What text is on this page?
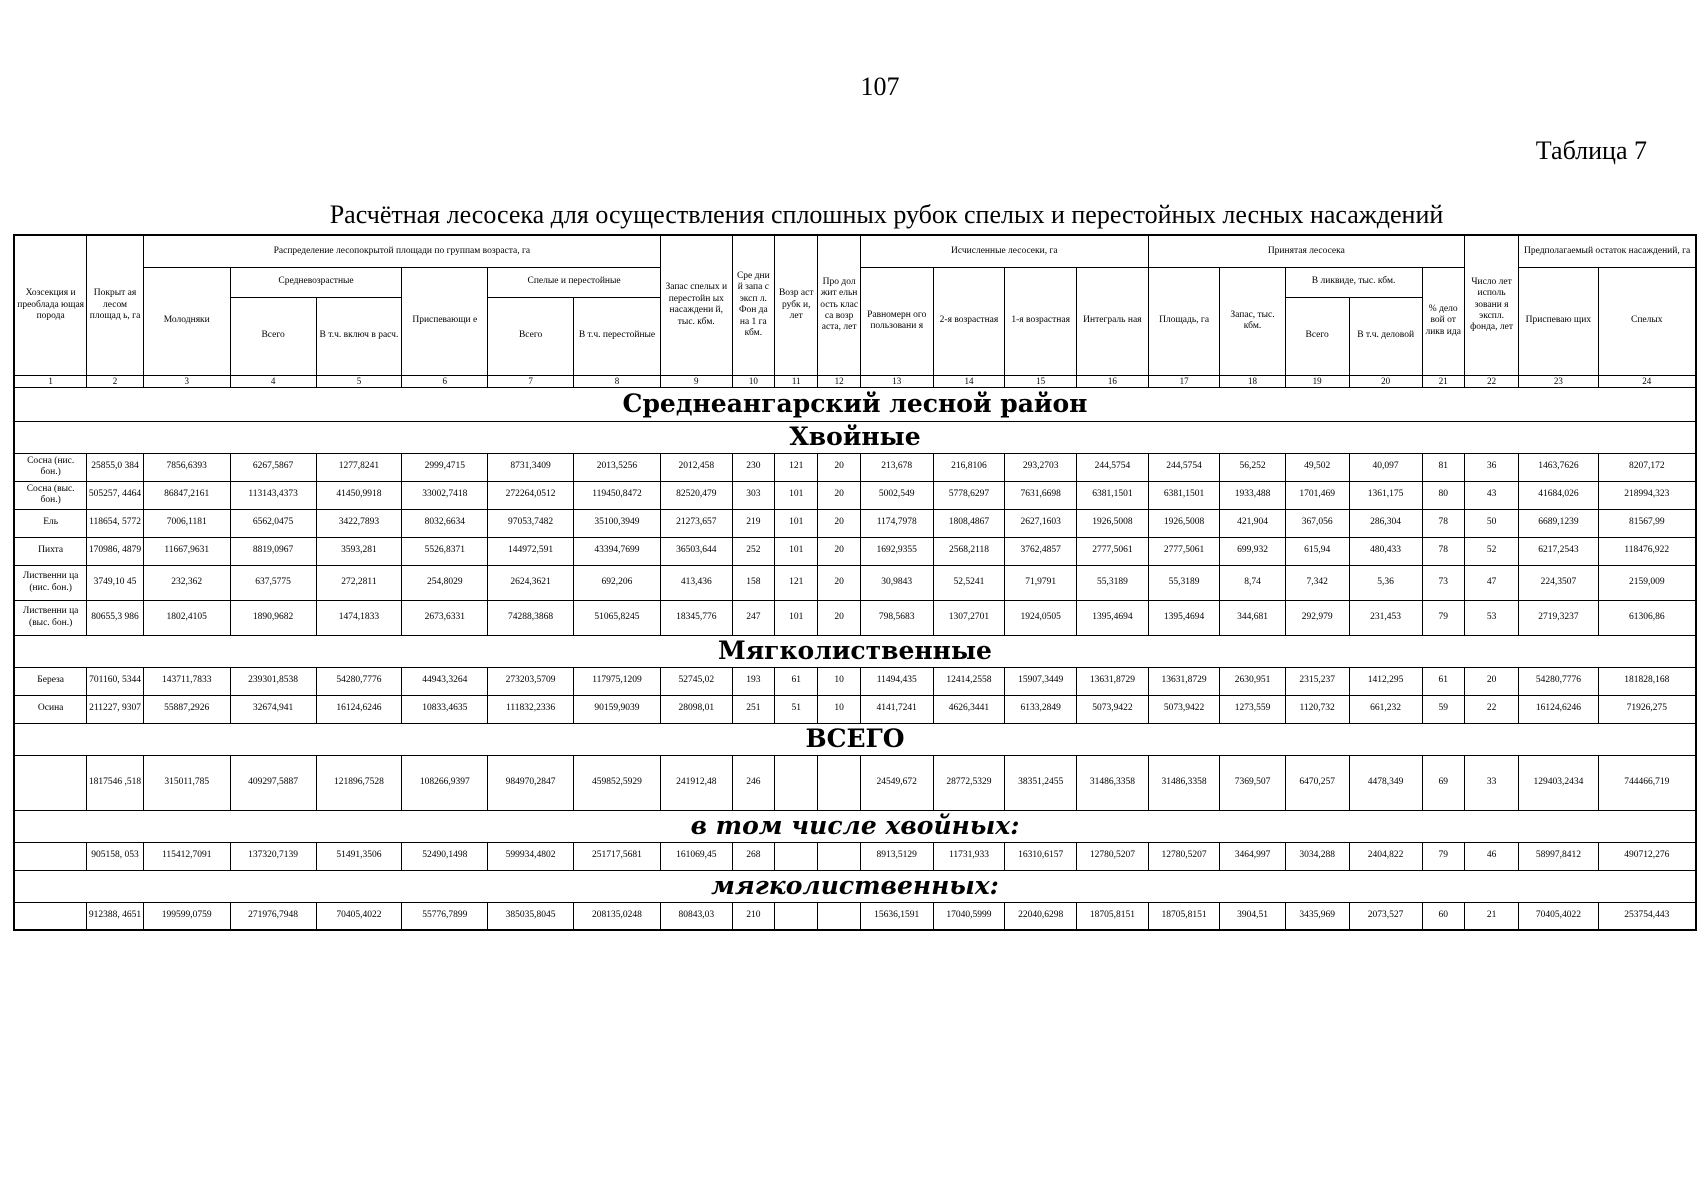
107
Таблица 7
Расчётная лесосека для осуществления сплошных рубок спелых и перестойных лесных насаждений
Хозсекция и преоблада ющая порода	Покрыт ая лесом площад ь, га	Распределение лесопокрытой площади по группам возраста, га						Запас спелых и перестойн ых насаждени й, тыс. кбм.	Сре дни й запа с эксп л. Фон да на 1 га кбм.	Возр аст рубк и, лет	Про дол жит ельн ость клас са возр аста, лет	Исчисленные лесосеки, га				Принятая лесосека					Число лет исполь зовани я экспл. фонда, лет	Предполагаемый остаток насаждений, га	
		Молодняки	Средневозрастные		Приспевающи е	Спелые и перестойные						Равномерн ого пользовани я	2-я возрастная	1-я возрастная	Интеграль ная	Площадь, га	Запас, тыс. кбм.	В ликвиде, тыс. кбм.		% дело вой от ликв ида		Приспеваю щих	Спелых
			Всего	В т.ч. включ в расч.		Всего	В т.ч. перестойные											Всего	В т.ч. деловой				
1	2	3	4	5	6	7	8	9	10	11	12	13	14	15	16	17	18	19	20	21	22	23	24
Среднеангарский лесной район																							
Хвойные																							
Сосна (нис. бон.)	25855,0 384	7856,6393	6267,5867	1277,8241	2999,4715	8731,3409	2013,5256	2012,458	230	121	20	213,678	216,8106	293,2703	244,5754	244,5754	56,252	49,502	40,097	81	36	1463,7626	8207,172
Сосна (выс. бон.)	505257, 4464	86847,2161	113143,4373	41450,9918	33002,7418	272264,0512	119450,8472	82520,479	303	101	20	5002,549	5778,6297	7631,6698	6381,1501	6381,1501	1933,488	1701,469	1361,175	80	43	41684,026	218994,323
Ель	118654, 5772	7006,1181	6562,0475	3422,7893	8032,6634	97053,7482	35100,3949	21273,657	219	101	20	1174,7978	1808,4867	2627,1603	1926,5008	1926,5008	421,904	367,056	286,304	78	50	6689,1239	81567,99
Пихта	170986, 4879	11667,9631	8819,0967	3593,281	5526,8371	144972,591	43394,7699	36503,644	252	101	20	1692,9355	2568,2118	3762,4857	2777,5061	2777,5061	699,932	615,94	480,433	78	52	6217,2543	118476,922
Лиственни ца (нис. бон.)	3749,10 45	232,362	637,5775	272,2811	254,8029	2624,3621	692,206	413,436	158	121	20	30,9843	52,5241	71,9791	55,3189	55,3189	8,74	7,342	5,36	73	47	224,3507	2159,009
Лиственни ца (выс. бон.)	80655,3 986	1802,4105	1890,9682	1474,1833	2673,6331	74288,3868	51065,8245	18345,776	247	101	20	798,5683	1307,2701	1924,0505	1395,4694	1395,4694	344,681	292,979	231,453	79	53	2719,3237	61306,86
Мягколиственные																							
Береза	701160, 5344	143711,7833	239301,8538	54280,7776	44943,3264	273203,5709	117975,1209	52745,02	193	61	10	11494,435	12414,2558	15907,3449	13631,8729	13631,8729	2630,951	2315,237	1412,295	61	20	54280,7776	181828,168
Осина	211227, 9307	55887,2926	32674,941	16124,6246	10833,4635	111832,2336	90159,9039	28098,01	251	51	10	4141,7241	4626,3441	6133,2849	5073,9422	5073,9422	1273,559	1120,732	661,232	59	22	16124,6246	71926,275
ВСЕГО																							
	1817546 ,518	315011,785	409297,5887	121896,7528	108266,9397	984970,2847	459852,5929	241912,48	246			24549,672	28772,5329	38351,2455	31486,3358	31486,3358	7369,507	6470,257	4478,349	69	33	129403,2434	744466,719
в том числе хвойных:																							
	905158, 053	115412,7091	137320,7139	51491,3506	52490,1498	599934,4802	251717,5681	161069,45	268			8913,5129	11731,933	16310,6157	12780,5207	12780,5207	3464,997	3034,288	2404,822	79	46	58997,8412	490712,276
мягколиственных:																							
	912388, 4651	199599,0759	271976,7948	70405,4022	55776,7899	385035,8045	208135,0248	80843,03	210			15636,1591	17040,5999	22040,6298	18705,8151	18705,8151	3904,51	3435,969	2073,527	60	21	70405,4022	253754,443
